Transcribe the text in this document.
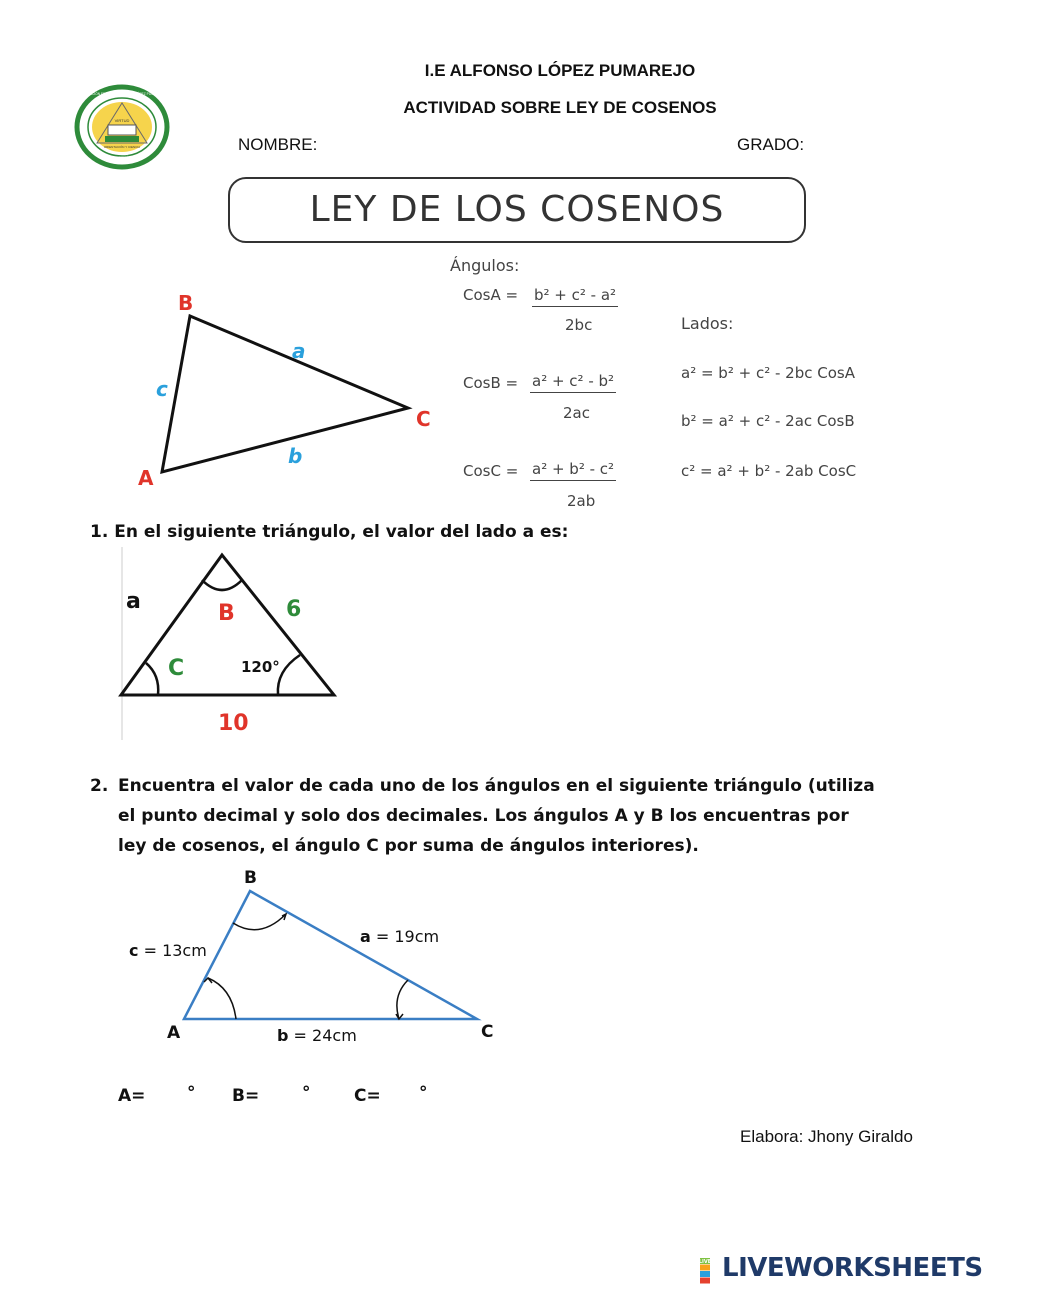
VIRTUD
ORIENTACIÓN Y CIENCIA
MEDELLÍN
INSTITUCIÓN EDUCATIVA ALFONSO LÓPEZ PUMAREJO
I.E ALFONSO LÓPEZ PUMAREJO
ACTIVIDAD SOBRE LEY DE COSENOS
NOMBRE:	GRADO:
LEY DE LOS COSENOS
B
C
A
a
b
c
Ángulos:
CosA = b² + c² - a²
2bc
CosB = a² + c² - b²
2ac
CosC = a² + b² - c²
2ab
Lados:
a² = b² + c² - 2bc CosA
b² = a² + c² - 2ac CosB
c² = a² + b² - 2ab CosC
1. En el siguiente triángulo, el valor del lado a es:
a	B 6
C	120°
10
2. Encuentra el valor de cada uno de los ángulos en el siguiente triángulo (utiliza
el punto decimal y solo dos decimales. Los ángulos A y B los encuentras por
ley de cosenos, el ángulo C por suma de ángulos interiores).
B
A	C
c = 13cm
a = 19cm
b = 24cm
A= ° B=	°	C= °
Elabora: Jhony Giraldo
LIVE LIVEWORKSHEETS
